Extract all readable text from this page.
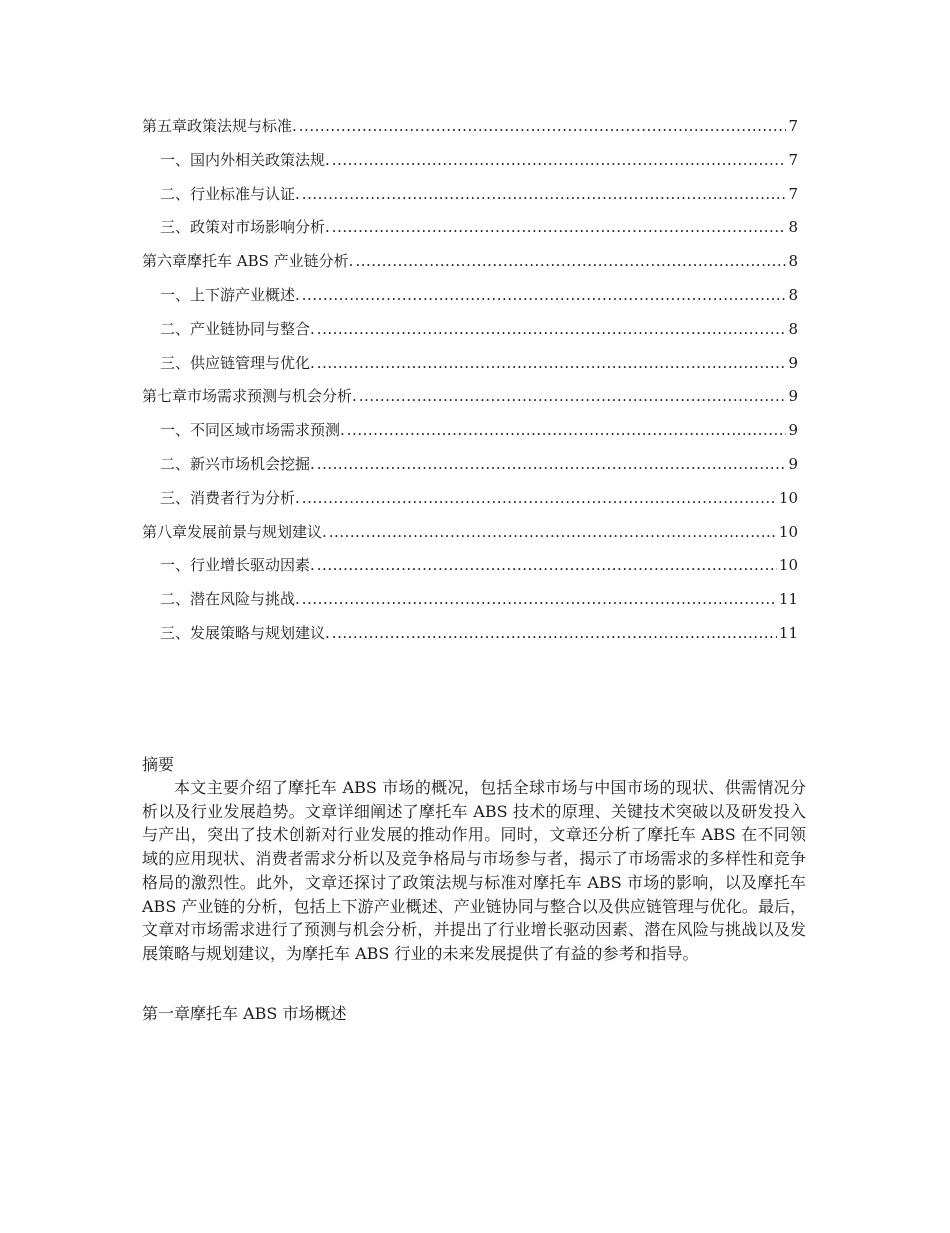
第五章政策法规与标准. .....	7
一、国内外相关政策法规. .....	7
二、 行业标准与认证. .....	7
三、 政策对市场影响分析. .....	8
第六章摩托车 ABS 产业链分析. .....	8
一、上下游产业概述. .....	8
二、 产业链协同与整合. .....	8
三、 供应链管理与优化. .....	9
第七章市场需求预测与机会分析. .....	9
一、不同区域市场需求预测. .....	9
二、 新兴市场机会挖掘. .....	9
三、 消费者行为分析. .....	10
第八章发展前景与规划建议. .....	10
一、行业增长驱动因素. .....	10
二、 潜在风险与挑战. .....	11
三、 发展策略与规划建议. .....	11
摘要

本文主要介绍了摩托车 ABS 市场的概况，包括全球市场与中国市场的现状、供需情况分析以及行业发展趋势。文章详细阐述了摩托车 ABS 技术的原理、关键技术突破以及研发投入与产出，突出了技术创新对行业发展的推动作用。同时，文章还分析了摩托车 ABS 在不同领域的应用现状、消费者需求分析以及竞争格局与市场参与者，揭示了市场需求的多样性和竞争格局的激烈性。此外，文章还探讨了政策法规与标准对摩托车 ABS 市场的影响，以及摩托车 ABS 产业链的分析，包括上下游产业概述、产业链协同与整合以及供应链管理与优化。最后，文章对市场需求进行了预测与机会分析，并提出了行业增长驱动因素、潜在风险与挑战以及发展策略与规划建议，为摩托车 ABS 行业的未来发展提供了有益的参考和指导。

第一章摩托车 ABS 市场概述
